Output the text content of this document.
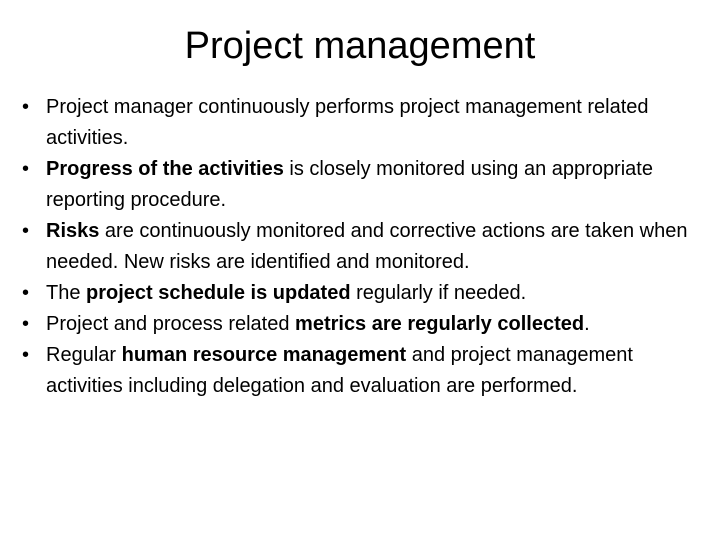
Project management
• Project manager continuously performs project management related activities.
• Progress of the activities is closely monitored using an appropriate reporting procedure.
• Risks are continuously monitored and corrective actions are taken when needed. New risks are identified and monitored.
• The project schedule is updated regularly if needed.
• Project and process related metrics are regularly collected.
• Regular human resource management and project management activities including delegation and evaluation are performed.
